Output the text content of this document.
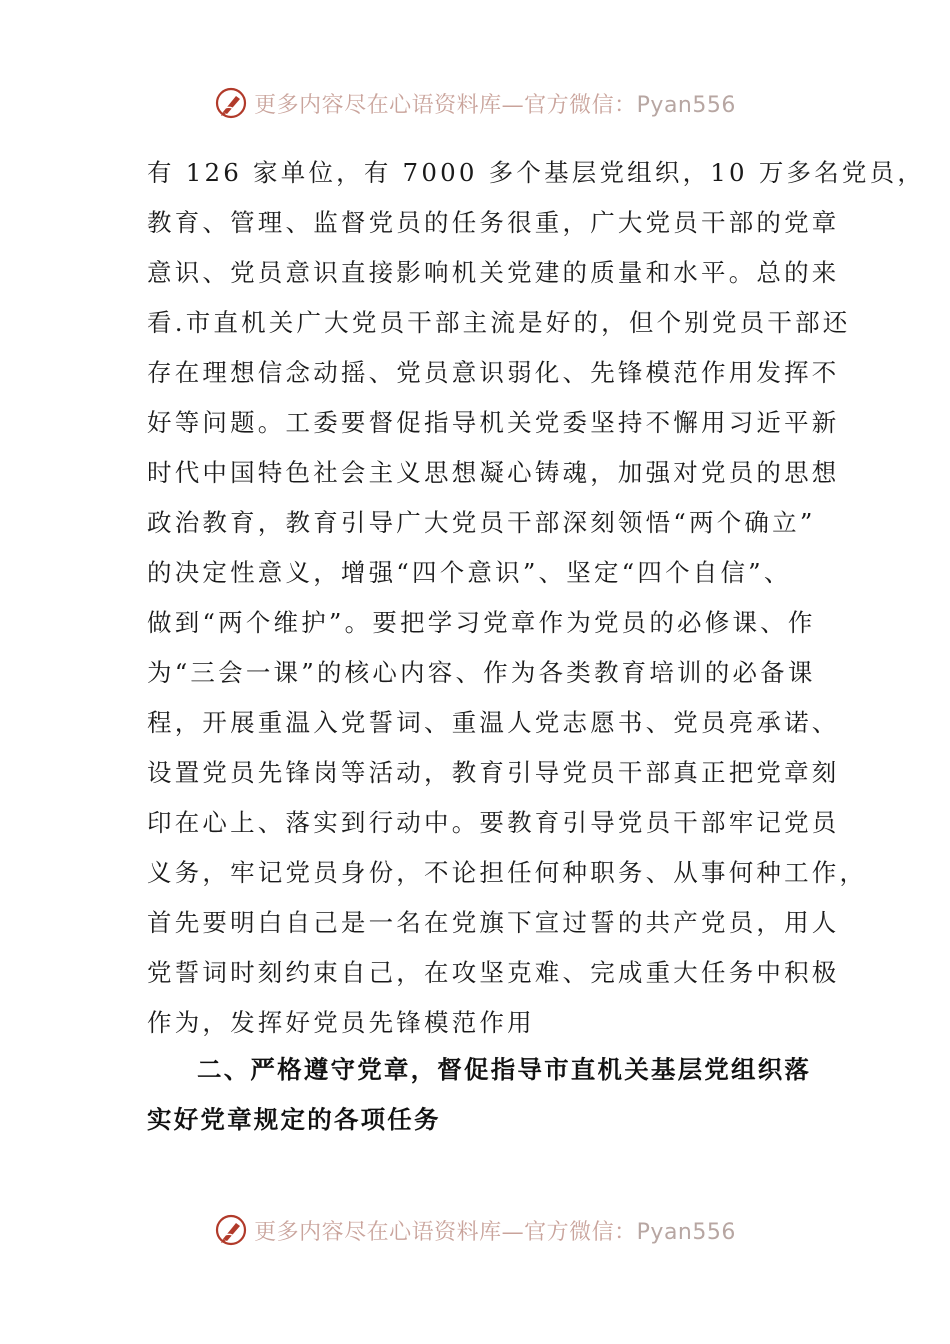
更多内容尽在心语资料库—官方微信：Pyan556
有 126 家单位，有 7000 多个基层党组织，10 万多名党员，
教育、管理、监督党员的任务很重，广大党员干部的党章
意识、党员意识直接影响机关党建的质量和水平。总的来
看.市直机关广大党员干部主流是好的，但个别党员干部还
存在理想信念动摇、党员意识弱化、先锋模范作用发挥不
好等问题。工委要督促指导机关党委坚持不懈用习近平新
时代中国特色社会主义思想凝心铸魂，加强对党员的思想
政治教育，教育引导广大党员干部深刻领悟“两个确立”
的决定性意义，增强“四个意识”、坚定“四个自信”、
做到“两个维护”。要把学习党章作为党员的必修课、作
为“三会一课”的核心内容、作为各类教育培训的必备课
程，开展重温入党誓词、重温人党志愿书、党员亮承诺、
设置党员先锋岗等活动，教育引导党员干部真正把党章刻
印在心上、落实到行动中。要教育引导党员干部牢记党员
义务，牢记党员身份，不论担任何种职务、从事何种工作，
首先要明白自己是一名在党旗下宣过誓的共产党员，用人
党誓词时刻约束自己，在攻坚克难、完成重大任务中积极
作为，发挥好党员先锋模范作用
二、严格遵守党章，督促指导市直机关基层党组织落
实好党章规定的各项任务
更多内容尽在心语资料库—官方微信：Pyan556
